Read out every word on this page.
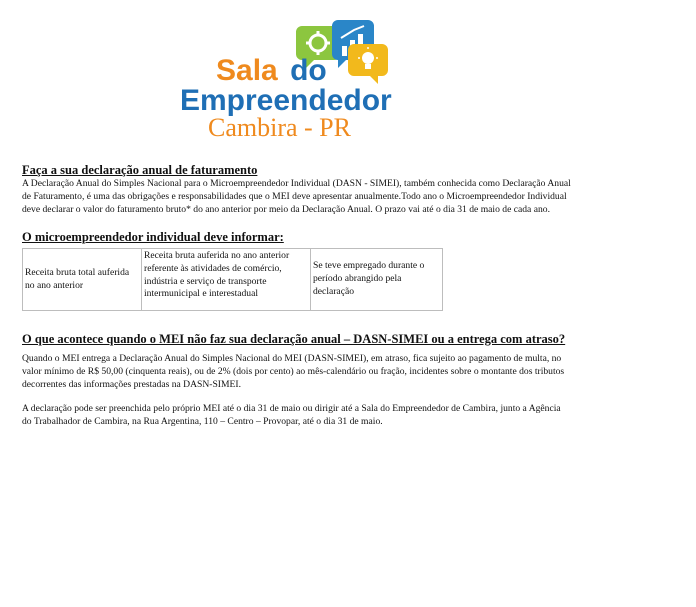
Sala do
Empreendedor
Cambira - PR
Faça a sua declaração anual de faturamento
A Declaração Anual do Simples Nacional para o Microempreendedor Individual (DASN - SIMEI), também conhecida como Declaração Anual
de Faturamento, é uma das obrigações e responsabilidades que o MEI deve apresentar anualmente.Todo ano o Microempreendedor Individual
deve declarar o valor do faturamento bruto* do ano anterior por meio da Declaração Anual. O prazo vai até o dia 31 de maio de cada ano.
O microempreendedor individual deve informar:
Receita bruta total auferida
no ano anterior

Receita bruta auferida no ano anterior
referente às atividades de comércio,
indústria e serviço de transporte
intermunicipal e interestadual

Se teve empregado durante o
período abrangido pela
declaração
O que acontece quando o MEI não faz sua declaração anual – DASN-SIMEI ou a entrega com atraso?
Quando o MEI entrega a Declaração Anual do Simples Nacional do MEI (DASN-SIMEI), em atraso, fica sujeito ao pagamento de multa, no
valor mínimo de R$ 50,00 (cinquenta reais), ou de 2% (dois por cento) ao mês-calendário ou fração, incidentes sobre o montante dos tributos
decorrentes das informações prestadas na DASN-SIMEI.
A declaração pode ser preenchida pelo próprio MEI até o dia 31 de maio ou dirigir até a Sala do Empreendedor de Cambira, junto a Agência
do Trabalhador de Cambira, na Rua Argentina, 110 – Centro – Provopar, até o dia 31 de maio.
